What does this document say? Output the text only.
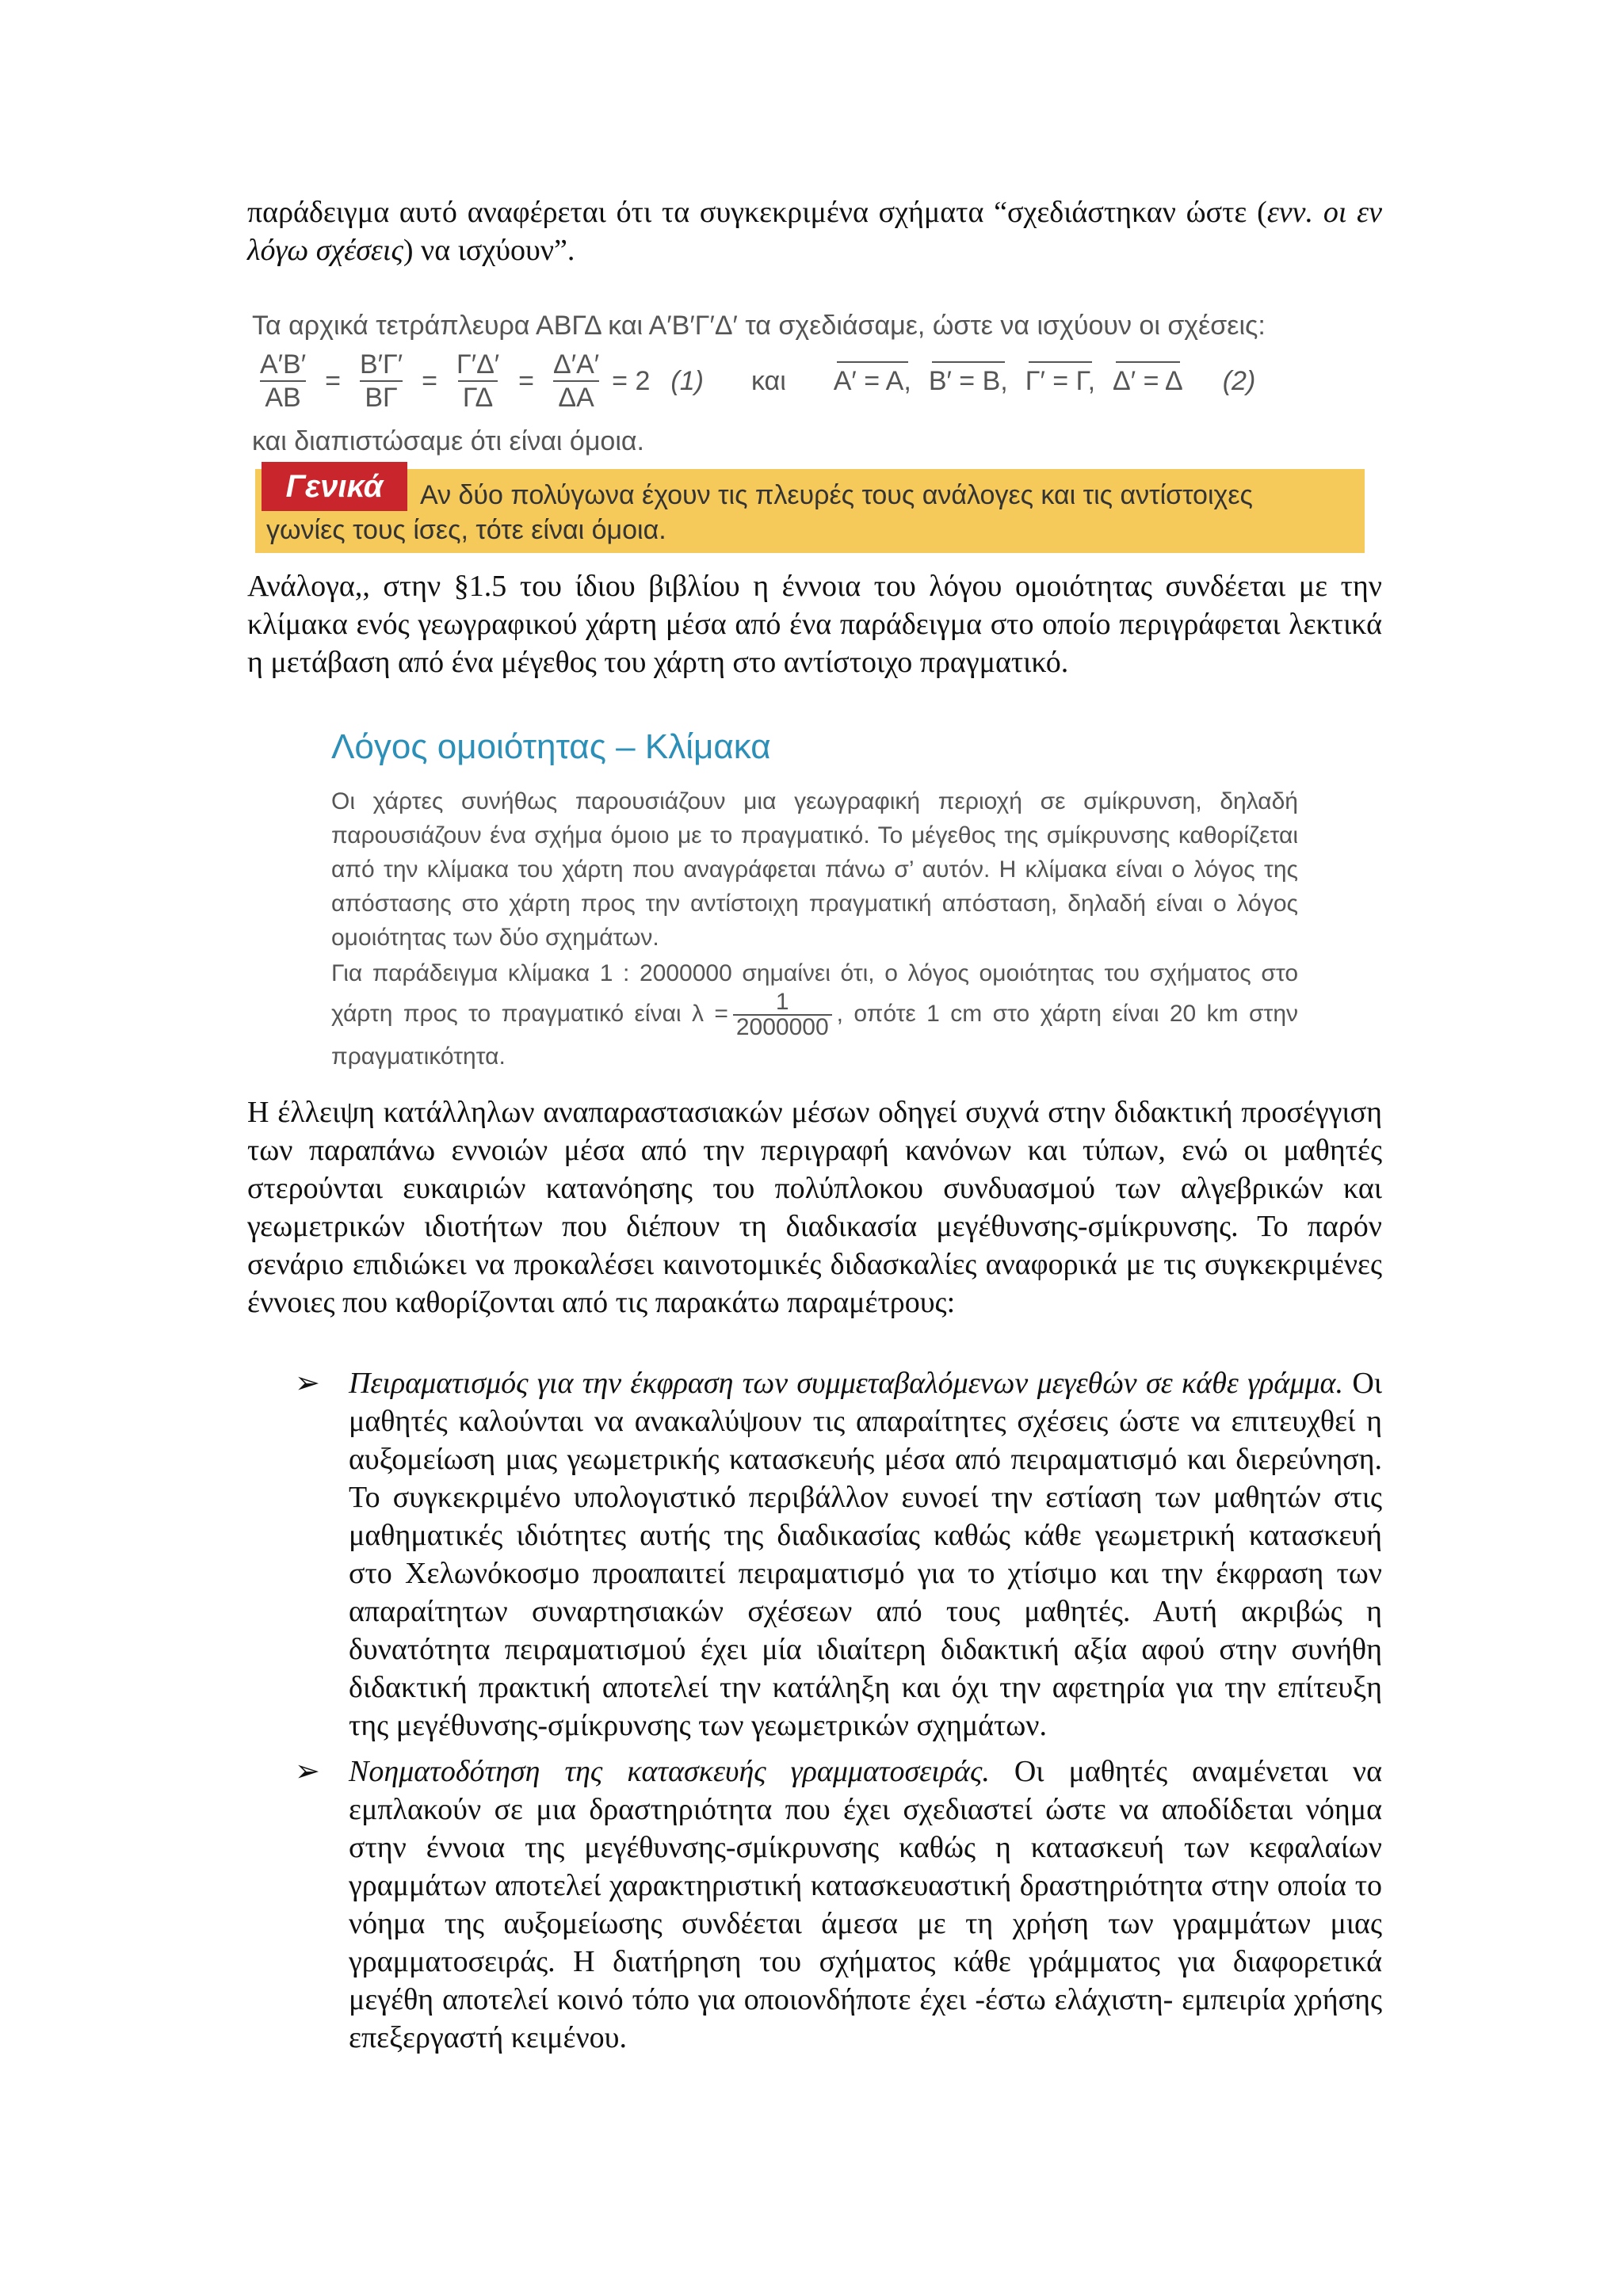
παράδειγμα αυτό αναφέρεται ότι τα συγκεκριμένα σχήματα “σχεδιάστηκαν ώστε (ενν. οι εν λόγω σχέσεις) να ισχύουν”.

Τα αρχικά τετράπλευρα ΑΒΓΔ και Α′Β′Γ′Δ′ τα σχεδιάσαμε, ώστε να ισχύουν οι σχέσεις:
$\frac{A'B'}{AB} = \frac{B'\Gamma'}{B\Gamma} = \frac{\Gamma'\Delta'}{\Gamma\Delta} = \frac{\Delta'A'}{\Delta A} = 2$ (1) και Α′ = Α, Β′ = Β, Γ′ = Γ, Δ′ = Δ (2)
και διαπιστώσαμε ότι είναι όμοια.
Γενικά	Αν δύο πολύγωνα έχουν τις πλευρές τους ανάλογες και τις αντίστοιχες
γωνίες τους ίσες, τότε είναι όμοια.

Ανάλογα,, στην §1.5 του ίδιου βιβλίου η έννοια του λόγου ομοιότητας συνδέεται με την κλίμακα ενός γεωγραφικού χάρτη μέσα από ένα παράδειγμα στο οποίο περιγράφεται λεκτικά η μετάβαση από ένα μέγεθος του χάρτη στο αντίστοιχο πραγματικό.

Λόγος ομοιότητας – Κλίμακα

Οι χάρτες συνήθως παρουσιάζουν μια γεωγραφική περιοχή σε σμίκρυνση, δηλαδή παρουσιάζουν ένα σχήμα όμοιο με το πραγματικό. Το μέγεθος της σμίκρυνσης καθορίζεται από την κλίμακα του χάρτη που αναγράφεται πάνω σ’ αυτόν. Η κλίμακα είναι ο λόγος της απόστασης στο χάρτη προς την αντίστοιχη πραγματική απόσταση, δηλαδή είναι ο λόγος ομοιότητας των δύο σχημάτων.

Για παράδειγμα κλίμακα 1 : 2000000 σημαίνει ότι, ο λόγος ομοιότητας του σχήματος στο χάρτη προς το πραγματικό είναι $\lambda = \frac{1}{2000000}$ , οπότε 1 cm στο χάρτη είναι 20 km στην πραγματικότητα.

Η έλλειψη κατάλληλων αναπαραστασιακών μέσων οδηγεί συχνά στην διδακτική προσέγγιση των παραπάνω εννοιών μέσα από την περιγραφή κανόνων και τύπων, ενώ οι μαθητές στερούνται ευκαιριών κατανόησης του πολύπλοκου συνδυασμού των αλγεβρικών και γεωμετρικών ιδιοτήτων που διέπουν τη διαδικασία μεγέθυνσης-σμίκρυνσης. Το παρόν σενάριο επιδιώκει να προκαλέσει καινοτομικές διδασκαλίες αναφορικά με τις συγκεκριμένες έννοιες που καθορίζονται από τις παρακάτω παραμέτρους:

➢ Πειραματισμός για την έκφραση των συμμεταβαλόμενων μεγεθών σε κάθε γράμμα. Οι μαθητές καλούνται να ανακαλύψουν τις απαραίτητες σχέσεις ώστε να επιτευχθεί η αυξομείωση μιας γεωμετρικής κατασκευής μέσα από πειραματισμό και διερεύνηση. Το συγκεκριμένο υπολογιστικό περιβάλλον ευνοεί την εστίαση των μαθητών στις μαθηματικές ιδιότητες αυτής της διαδικασίας καθώς κάθε γεωμετρική κατασκευή στο Χελωνόκοσμο προαπαιτεί πειραματισμό για το χτίσιμο και την έκφραση των απαραίτητων συναρτησιακών σχέσεων από τους μαθητές. Αυτή ακριβώς η δυνατότητα πειραματισμού έχει μία ιδιαίτερη διδακτική αξία αφού στην συνήθη διδακτική πρακτική αποτελεί την κατάληξη και όχι την αφετηρία για την επίτευξη της μεγέθυνσης-σμίκρυνσης των γεωμετρικών σχημάτων.
➢ Νοηματοδότηση της κατασκευής γραμματοσειράς. Οι μαθητές αναμένεται να εμπλακούν σε μια δραστηριότητα που έχει σχεδιαστεί ώστε να αποδίδεται νόημα στην έννοια της μεγέθυνσης-σμίκρυνσης καθώς η κατασκευή των κεφαλαίων γραμμάτων αποτελεί χαρακτηριστική κατασκευαστική δραστηριότητα στην οποία το νόημα της αυξομείωσης συνδέεται άμεσα με τη χρήση των γραμμάτων μιας γραμματοσειράς. Η διατήρηση του σχήματος κάθε γράμματος για διαφορετικά μεγέθη αποτελεί κοινό τόπο για οποιονδήποτε έχει -έστω ελάχιστη- εμπειρία χρήσης επεξεργαστή κειμένου.
